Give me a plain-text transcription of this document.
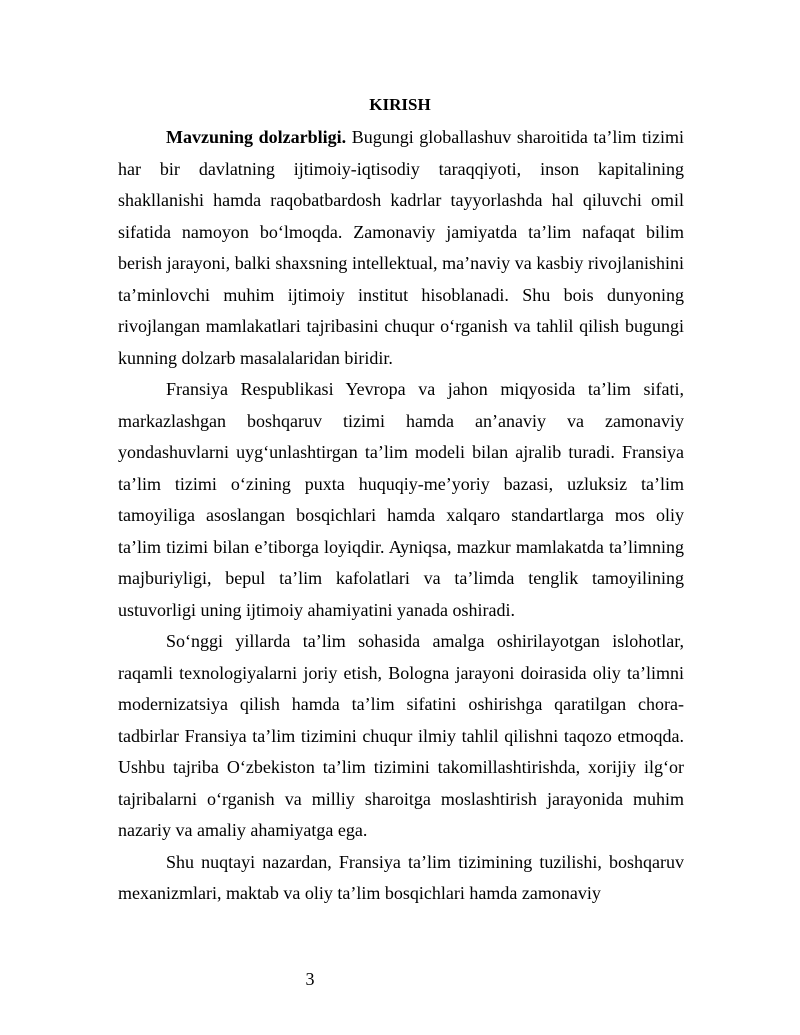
KIRISH

Mavzuning dolzarbligi. Bugungi globallashuv sharoitida ta’lim tizimi har bir davlatning ijtimoiy-iqtisodiy taraqqiyoti, inson kapitalining shakllanishi hamda raqobatbardosh kadrlar tayyorlashda hal qiluvchi omil sifatida namoyon bo‘lmoqda. Zamonaviy jamiyatda ta’lim nafaqat bilim berish jarayoni, balki shaxsning intellektual, ma’naviy va kasbiy rivojlanishini ta’minlovchi muhim ijtimoiy institut hisoblanadi. Shu bois dunyoning rivojlangan mamlakatlari tajribasini chuqur o‘rganish va tahlil qilish bugungi kunning dolzarb masalalaridan biridir.

Fransiya Respublikasi Yevropa va jahon miqyosida ta’lim sifati, markazlashgan boshqaruv tizimi hamda an’anaviy va zamonaviy yondashuvlarni uyg‘unlashtirgan ta’lim modeli bilan ajralib turadi. Fransiya ta’lim tizimi o‘zining puxta huquqiy-me’yoriy bazasi, uzluksiz ta’lim tamoyiliga asoslangan bosqichlari hamda xalqaro standartlarga mos oliy ta’lim tizimi bilan e’tiborga loyiqdir. Ayniqsa, mazkur mamlakatda ta’limning majburiyligi, bepul ta’lim kafolatlari va ta’limda tenglik tamoyilining ustuvorligi uning ijtimoiy ahamiyatini yanada oshiradi.

So‘nggi yillarda ta’lim sohasida amalga oshirilayotgan islohotlar, raqamli texnologiyalarni joriy etish, Bologna jarayoni doirasida oliy ta’limni modernizatsiya qilish hamda ta’lim sifatini oshirishga qaratilgan chora-tadbirlar Fransiya ta’lim tizimini chuqur ilmiy tahlil qilishni taqozo etmoqda. Ushbu tajriba O‘zbekiston ta’lim tizimini takomillashtirishda, xorijiy ilg‘or tajribalarni o‘rganish va milliy sharoitga moslashtirish jarayonida muhim nazariy va amaliy ahamiyatga ega.

Shu nuqtayi nazardan, Fransiya ta’lim tizimining tuzilishi, boshqaruv mexanizmlari, maktab va oliy ta’lim bosqichlari hamda zamonaviy

3
